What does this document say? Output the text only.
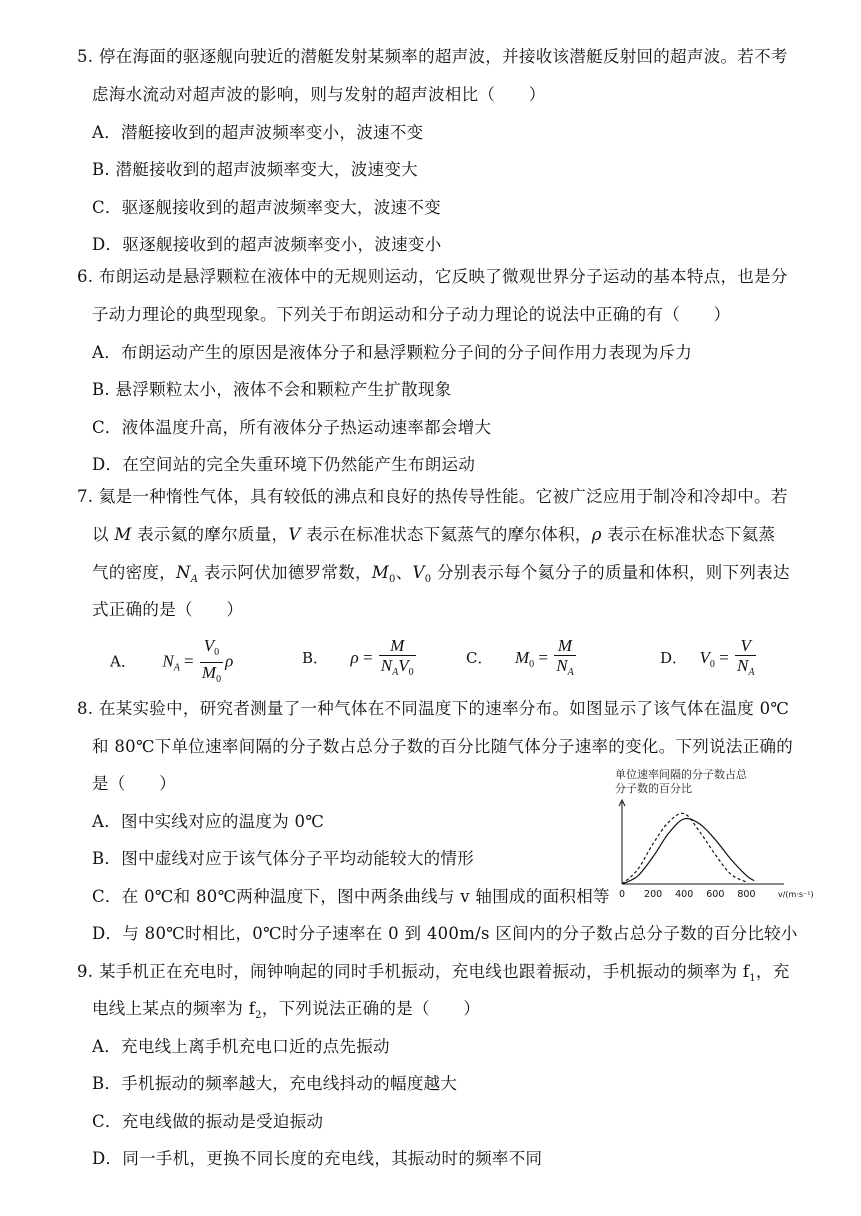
5. 停在海面的驱逐舰向驶近的潜艇发射某频率的超声波，并接收该潜艇反射回的超声波。若不考
虑海水流动对超声波的影响，则与发射的超声波相比（　　）
A．潜艇接收到的超声波频率变小，波速不变
B. 潜艇接收到的超声波频率变大，波速变大
C．驱逐舰接收到的超声波频率变大，波速不变
D．驱逐舰接收到的超声波频率变小，波速变小
6. 布朗运动是悬浮颗粒在液体中的无规则运动，它反映了微观世界分子运动的基本特点，也是分
子动力理论的典型现象。下列关于布朗运动和分子动力理论的说法中正确的有（　　）
A．布朗运动产生的原因是液体分子和悬浮颗粒分子间的分子间作用力表现为斥力
B. 悬浮颗粒太小，液体不会和颗粒产生扩散现象
C．液体温度升高，所有液体分子热运动速率都会增大
D．在空间站的完全失重环境下仍然能产生布朗运动
7. 氦是一种惰性气体，具有较低的沸点和良好的热传导性能。它被广泛应用于制冷和冷却中。若
以 M 表示氦的摩尔质量，V 表示在标准状态下氦蒸气的摩尔体积，ρ 表示在标准状态下氦蒸
气的密度，$N_A$ 表示阿伏加德罗常数，$M_0$、$V_0$ 分别表示每个氦分子的质量和体积，则下列表达
式正确的是（　　）
A． $N_A = \frac{V_0}{M_0}$ ρ	B． $\rho = \frac{M}{N_AV_0}$	C． $M_0 = \frac{M}{N_A}$	D． $V_0 = \frac{V}{N_A}$
8. 在某实验中，研究者测量了一种气体在不同温度下的速率分布。如图显示了该气体在温度 0℃
和 80℃下单位速率间隔的分子数占总分子数的百分比随气体分子速率的变化。下列说法正确的
是（　　）
A．图中实线对应的温度为 0℃
B．图中虚线对应于该气体分子平均动能较大的情形
C．在 0℃和 80℃两种温度下，图中两条曲线与 v 轴围成的面积相等
D．与 80℃时相比，0℃时分子速率在 0 到 400m/s 区间内的分子数占总分子数的百分比较小
单位速率间隔的分子数占总
分子数的百分比
0 200 400 600 800	v/(m·s⁻¹)
9. 某手机正在充电时，闹钟响起的同时手机振动，充电线也跟着振动，手机振动的频率为 $f_1$，充
电线上某点的频率为 $f_2$，下列说法正确的是（　　）
A．充电线上离手机充电口近的点先振动
B．手机振动的频率越大，充电线抖动的幅度越大
C．充电线做的振动是受迫振动
D．同一手机，更换不同长度的充电线，其振动时的频率不同
